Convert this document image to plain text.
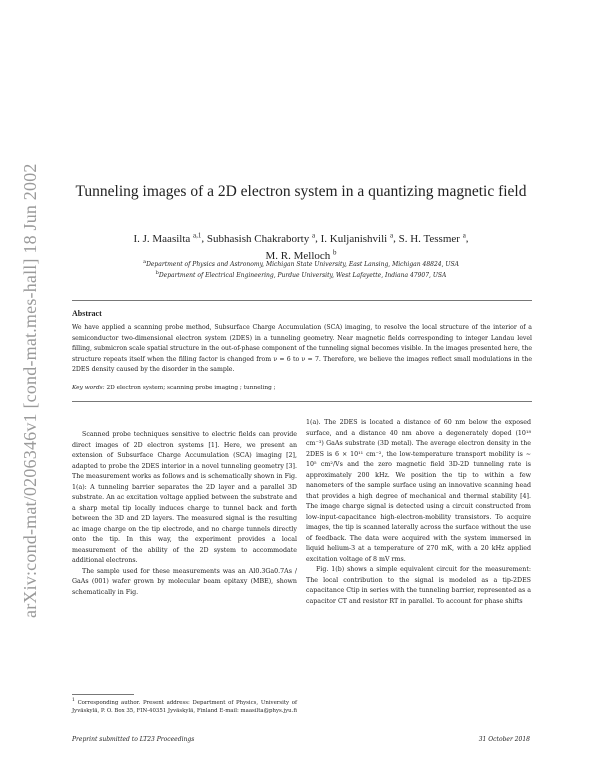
arXiv:cond-mat/0206346v1 [cond-mat.mes-hall] 18 Jun 2002	Tunneling images of a 2D electron system in a quantizing magnetic field
I. J. Maasilta $^{a,1}$, Subhasish Chakraborty $^a$, I. Kuljanishvili $^a$, S. H. Tessmer $^a$,
M. R. Melloch $^b$
$^a$Department of Physics and Astronomy, Michigan State University, East Lansing, Michigan 48824, USA
$^b$Department of Electrical Engineering, Purdue University, West Lafayette, Indiana 47907, USA
Abstract
We have applied a scanning probe method, Subsurface Charge Accumulation (SCA) imaging, to resolve the local structure of the interior of a semiconductor two-dimensional electron system (2DES) in a tunneling geometry. Near magnetic fields corresponding to integer Landau level filling, submicron scale spatial structure in the out-of-phase component of the tunneling signal becomes visible. In the images presented here, the structure repeats itself when the filling factor is changed from ν = 6 to ν = 7. Therefore, we believe the images reflect small modulations in the 2DES density caused by the disorder in the sample.
Key words: 2D electron system; scanning probe imaging ; tunneling ;

Scanned probe techniques sensitive to electric fields can provide direct images of 2D electron systems [1]. Here, we present an extension of Subsurface Charge Accumulation (SCA) imaging [2], adapted to probe the 2DES interior in a novel tunneling geometry [3]. The measurement works as follows and is schematically shown in Fig. 1(a): A tunneling barrier separates the 2D layer and a parallel 3D substrate. An ac excitation voltage applied between the substrate and a sharp metal tip locally induces charge to tunnel back and forth between the 3D and 2D layers. The measured signal is the resulting ac image charge on the tip electrode, and no charge tunnels directly onto the tip. In this way, the experiment provides a local measurement of the ability of the 2D system to accommodate additional electrons.

The sample used for these measurements was an Al0.3Ga0.7As / GaAs (001) wafer grown by molecular beam epitaxy (MBE), shown schematically in Fig.

1(a). The 2DES is located a distance of 60 nm below the exposed surface, and a distance 40 nm above a degenerately doped (10¹⁸ cm⁻³) GaAs substrate (3D metal). The average electron density in the 2DES is 6 × 10¹¹ cm⁻², the low-temperature transport mobility is ∼ 10⁵ cm²/Vs and the zero magnetic field 3D-2D tunneling rate is approximately 200 kHz. We position the tip to within a few nanometers of the sample surface using an innovative scanning head that provides a high degree of mechanical and thermal stability [4]. The image charge signal is detected using a circuit constructed from low-input-capacitance high-electron-mobility transistors. To acquire images, the tip is scanned laterally across the surface without the use of feedback. The data were acquired with the system immersed in liquid helium-3 at a temperature of 270 mK, with a 20 kHz applied excitation voltage of 8 mV rms.

Fig. 1(b) shows a simple equivalent circuit for the measurement: The local contribution to the signal is modeled as a tip-2DES capacitance Ctip in series with the tunneling barrier, represented as a capacitor CT and resistor RT in parallel. To account for phase shifts

$^1$ Corresponding author. Present address: Department of Physics, University of Jyväskylä, P. O. Box 35, FIN-40351 Jyväskylä, Finland E-mail: maasilta@phys.jyu.fi
Preprint submitted to LT23 Proceedings	31 October 2018
